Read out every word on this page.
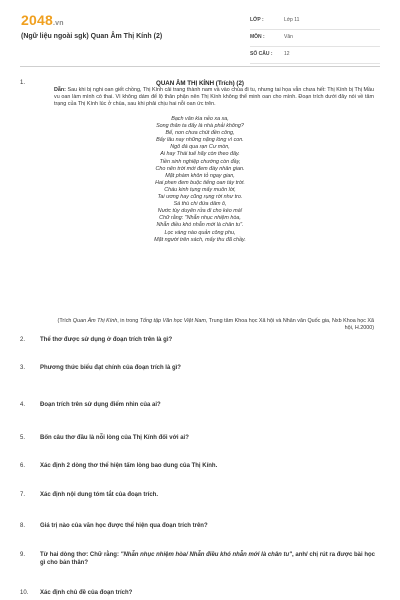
2048.vn
(Ngữ liệu ngoài sgk) Quan Âm Thị Kính (2)
LỚP :	Lớp 11
MÔN :	Văn
SỐ CÂU : 12
1.	QUAN ÂM THỊ KÍNH (Trích) (2)
Dẫn: Sau khi bị nghi oan giết chồng, Thị Kính cải trang thành nam và vào chùa đi tu, nhưng tai họa vẫn chưa hết: Thị Kính bị Thị Mầu vu oan làm mình có thai. Vì không dám để lộ thân phận nên Thị Kính không thể minh oan cho mình. Đoạn trích dưới đây nói về tâm trạng của Thị Kính lúc ở chùa, sau khi phải chịu hai nỗi oan ức trên.
Bạch vân kìa nẻo xa xa,
Song thân ta đấy là nhà phải không?
Bể, non chưa chút đền công,
Bấy lâu nay những nặng lòng vì con.
Ngõ đá qua rạn Cư mòn,
Ai hay Thái tuế hãy còn theo đây.
Tiền sinh nghiệp chướng còn đầy,
Cho nên trời mới đem đày nhân gian.
Mặt phàm khôn tỏ ngay gian,
Hai phen đem buộc tiếng oan tày trời.
Cháu kinh tụng mấy muôn lời,
Tai ương hay cũng rụng rời như tro.
Sá thù chi đứa dâm ô,
Nước tùy duyên rửa đi cho kéo mà!
Chữ rằng: "Nhẫn nhục nhiệm hòa,
Nhẫn điều khó nhẫn mới là chân tu".
Lọc vàng nào quản công phu,
Mặt người trên xách, mấy thu đã chầy.
(Trích Quan Âm Thị Kính, in trong Tổng tập Văn học Việt Nam, Trung tâm Khoa học Xã hội và Nhân văn Quốc gia, Nxb Khoa học Xã hội, H.2000)
2. Thể thơ được sử dụng ở đoạn trích trên là gì?
3. Phương thức biểu đạt chính của đoạn trích là gì?
4. Đoạn trích trên sử dụng điểm nhìn của ai?
5. Bốn câu thơ đầu là nỗi lòng của Thị Kính đối với ai?
6. Xác định 2 dòng thơ thể hiện tấm lòng bao dung của Thị Kính.
7. Xác định nội dung tóm tắt của đoạn trích.
8. Giá trị nào của văn học được thể hiện qua đoạn trích trên?
9. Từ hai dòng thơ: Chữ rằng: "Nhẫn nhục nhiệm hòa/ Nhẫn điều khó nhẫn mới là chân tu", anh/ chị rút ra được bài học gì cho bản thân?
10. Xác định chủ đề của đoạn trích?
